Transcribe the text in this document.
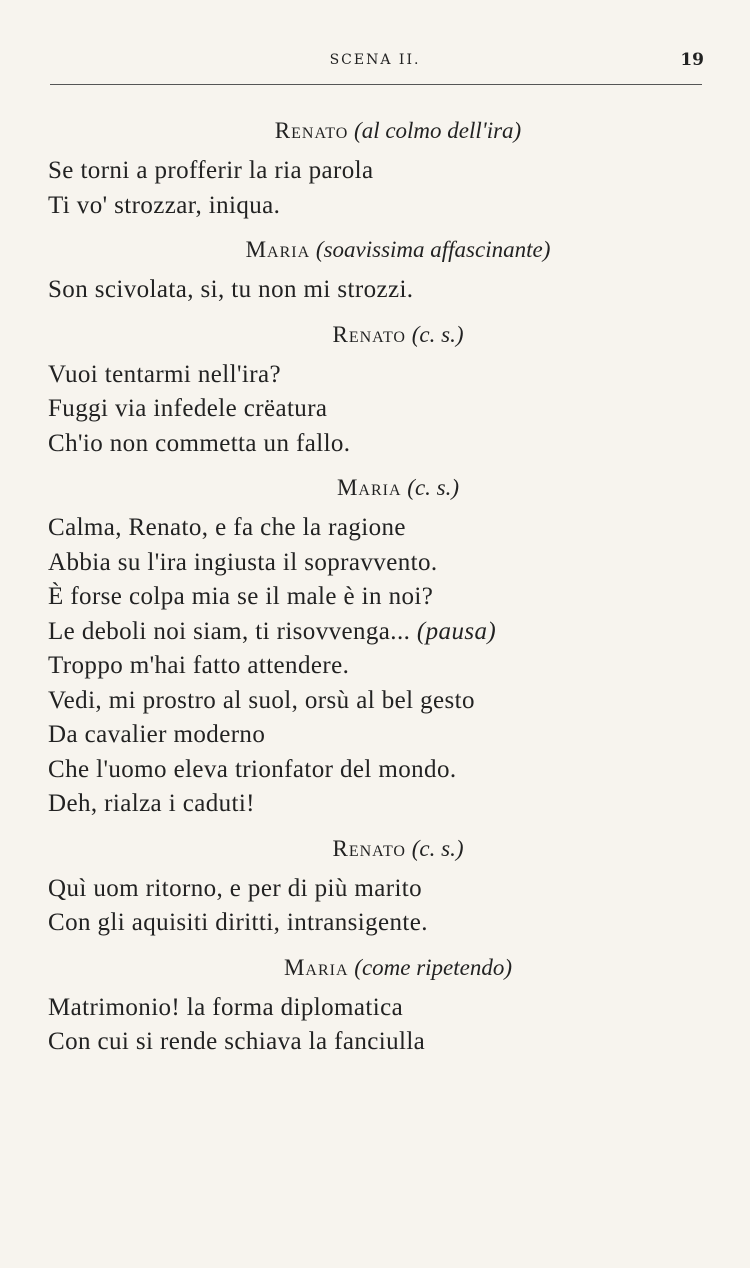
SCENA II.	19
Renato (al colmo dell'ira)
Se torni a profferir la ria parola
Ti vo' strozzar, iniqua.
Maria (soavissima affascinante)
Son scivolata, si, tu non mi strozzi.
Renato (c. s.)
Vuoi tentarmi nell'ira?
Fuggi via infedele crëatura
Ch'io non commetta un fallo.
Maria (c. s.)
Calma, Renato, e fa che la ragione
Abbia su l'ira ingiusta il sopravvento.
È forse colpa mia se il male è in noi?
Le deboli noi siam, ti risovvenga... (pausa)
Troppo m'hai fatto attendere.
Vedi, mi prostro al suol, orsù al bel gesto
Da cavalier moderno
Che l'uomo eleva trionfator del mondo.
Deh, rialza i caduti!
Renato (c. s.)
Quì uom ritorno, e per di più marito
Con gli aquisiti diritti, intransigente.
Maria (come ripetendo)
Matrimonio! la forma diplomatica
Con cui si rende schiava la fanciulla
